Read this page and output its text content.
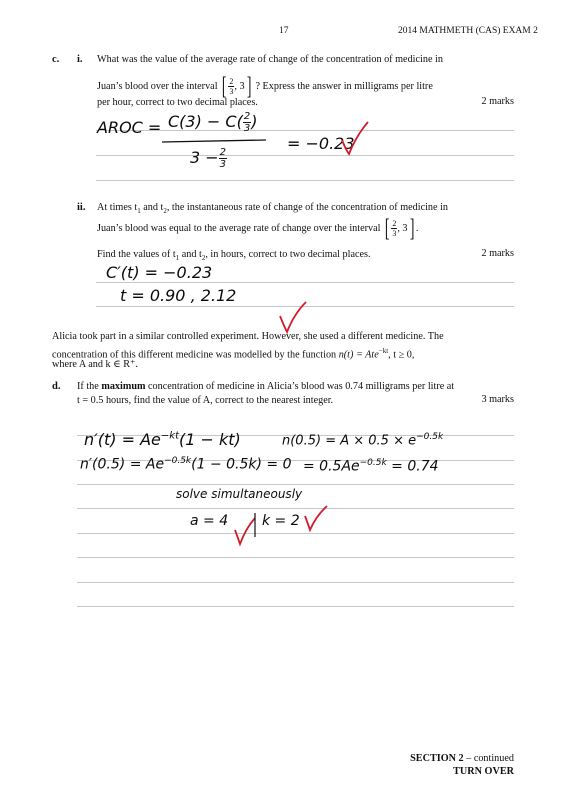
17	2014 MATHMETH (CAS) EXAM 2
c. i. What was the value of the average rate of change of the concentration of medicine in
Juan’s blood over the interval [ $\frac{2}{3}$ , 3] ? Express the answer in milligrams per litre
per hour, correct to two decimal places.	2 marks
AROC = $C(3) - C( \frac{2}{3}$ )
$3 - \frac{2}{3}$
= −0.23
ii. At times $t_1$ and $t_2$, the instantaneous rate of change of the concentration of medicine in
Juan’s blood was equal to the average rate of change over the interval [ $\frac{2}{3}$ , 3] .
Find the values of $t_1$ and $t_2$, in hours, correct to two decimal places.	2 marks
C′(t) = −0.23
t = 0.90 , 2.12
Alicia took part in a similar controlled experiment. However, she used a different medicine. The
concentration of this different medicine was modelled by the function n(t) = Ate$^{-kt}$, t ≥ 0,
where A and k ∈ R⁺.
d. If the maximum concentration of medicine in Alicia’s blood was 0.74 milligrams per litre at
t = 0.5 hours, find the value of A, correct to the nearest integer.	3 marks
$n'(t) = Ae^{-kt}(1 - kt)$
$n'(0.5) = Ae^{-0.5k}(1 - 0.5k) = 0$
$n(0.5) = A \times 0.5 \times e^{-0.5k}$
= $0.5Ae^{-0.5k} = 0.74$
solve simultaneously
a = 4 k = 2
SECTION 2 – continued
TURN OVER
